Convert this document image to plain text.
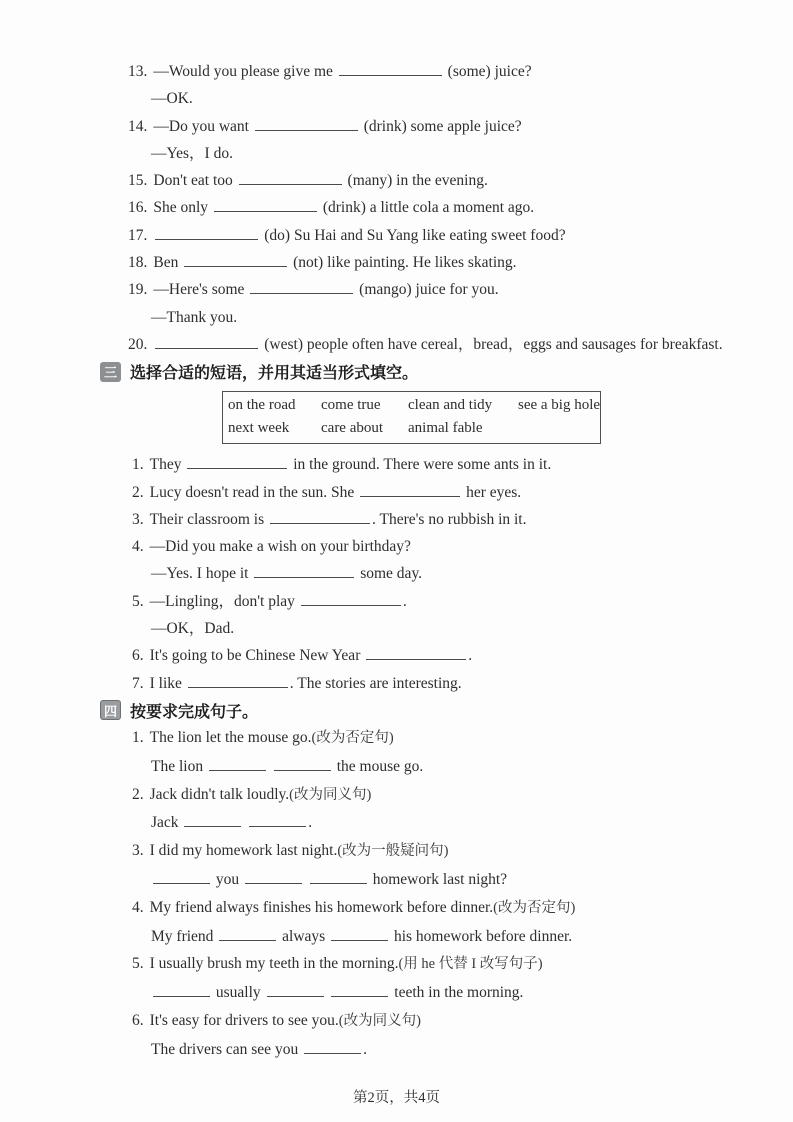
13. —Would you please give me	(some) juice?
—OK.
14. —Do you want	(drink) some apple juice?
—Yes，I do.
15. Don't eat too	(many) in the evening.
16. She only	(drink) a little cola a moment ago.
17.	(do) Su Hai and Su Yang like eating sweet food?
18. Ben	(not) like painting. He likes skating.
19. —Here's some	(mango) juice for you.
—Thank you.
20.	(west) people often have cereal，bread，eggs and sausages for breakfast.
三 选择合适的短语，并用其适当形式填空。
on the road	come true	clean and tidy	see a big hole
next week	care about	animal fable
1. They	in the ground. There were some ants in it.
2. Lucy doesn't read in the sun. She	her eyes.
3. Their classroom is	. There's no rubbish in it.
4. —Did you make a wish on your birthday?
—Yes. I hope it	some day.
5. —Lingling，don't play	.
—OK，Dad.
6. It's going to be Chinese New Year	.
7. I like	. The stories are interesting.
四 按要求完成句子。
1. The lion let the mouse go.(改为否定句)
The lion	the mouse go.
2. Jack didn't talk loudly.(改为同义句)
Jack	.
3. I did my homework last night.(改为一般疑问句)
you	homework last night?
4. My friend always finishes his homework before dinner.(改为否定句)
My friend	always	his homework before dinner.
5. I usually brush my teeth in the morning.(用 he 代替 I 改写句子)
usually	teeth in the morning.
6. It's easy for drivers to see you.(改为同义句)
The drivers can see you	.
第2页，共4页
